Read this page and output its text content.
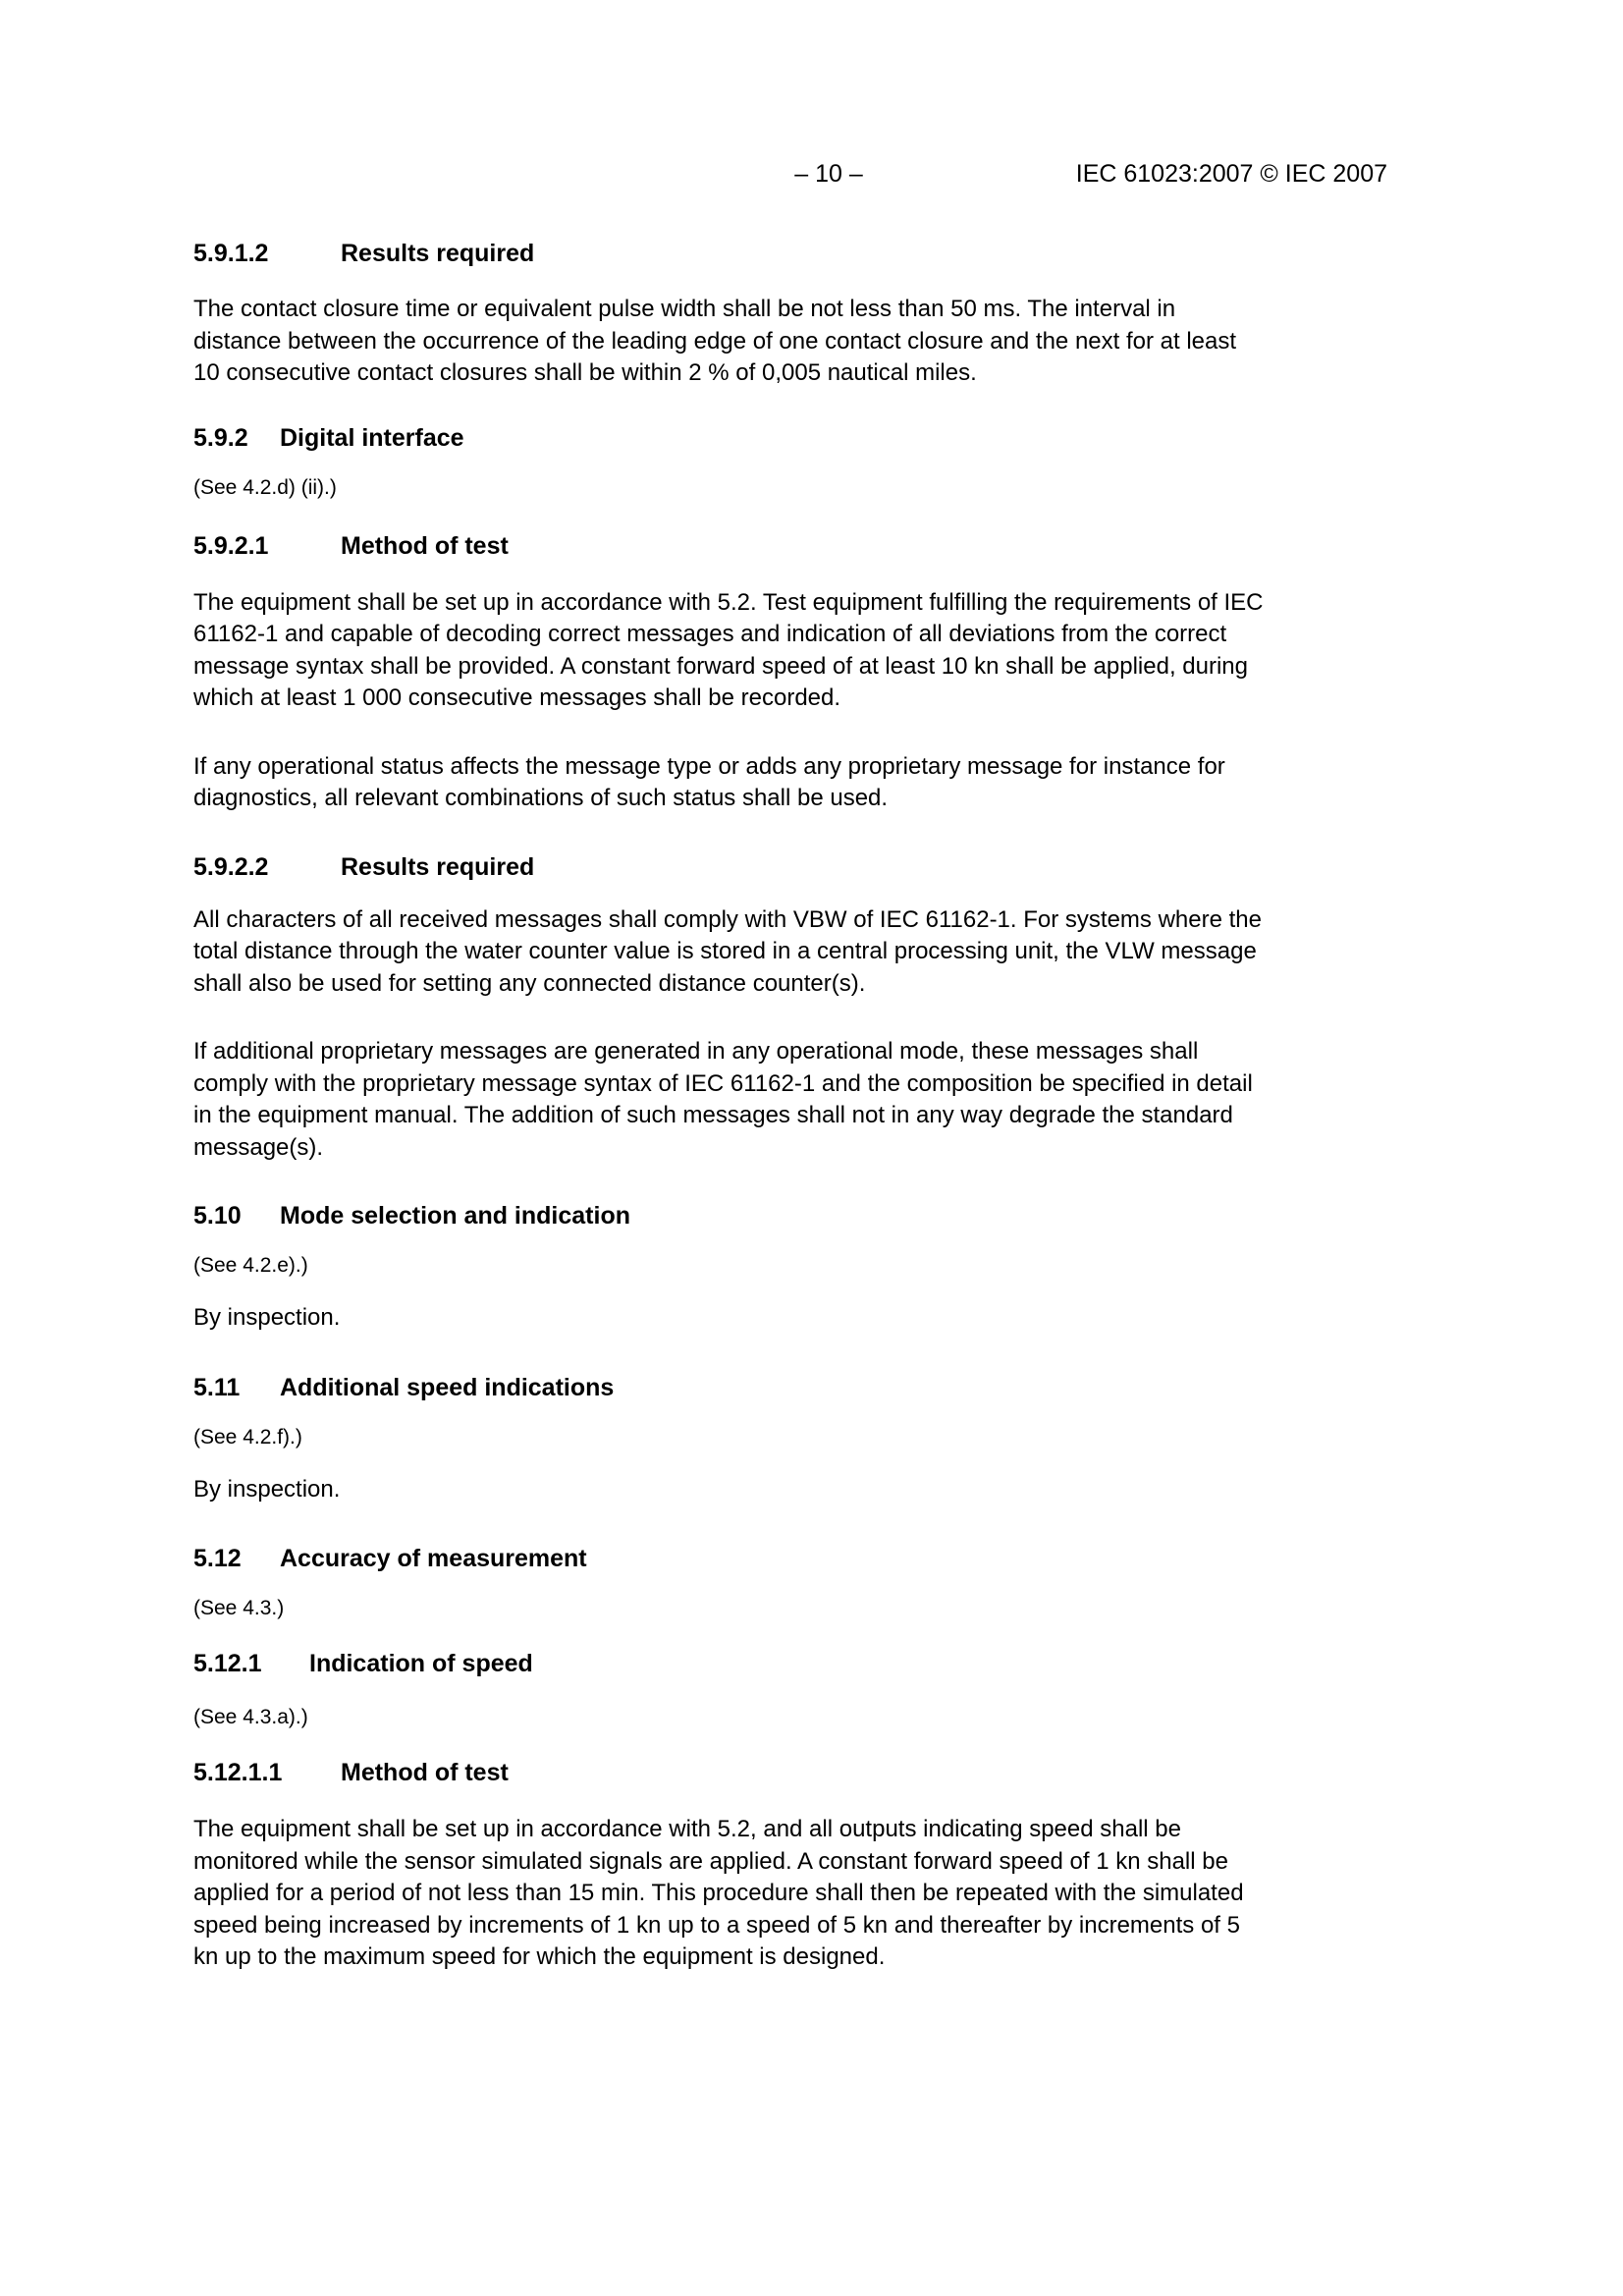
– 10 –	IEC 61023:2007 © IEC 2007
5.9.1.2	Results required

The contact closure time or equivalent pulse width shall be not less than 50 ms. The interval in distance between the occurrence of the leading edge of one contact closure and the next for at least 10 consecutive contact closures shall be within 2 % of 0,005 nautical miles.

5.9.2	Digital interface
(See 4.2.d) (ii).)
5.9.2.1	Method of test

The equipment shall be set up in accordance with 5.2. Test equipment fulfilling the requirements of IEC 61162-1 and capable of decoding correct messages and indication of all deviations from the correct message syntax shall be provided. A constant forward speed of at least 10 kn shall be applied, during which at least 1 000 consecutive messages shall be recorded.

If any operational status affects the message type or adds any proprietary message for instance for diagnostics, all relevant combinations of such status shall be used.

5.9.2.2	Results required

All characters of all received messages shall comply with VBW of IEC 61162-1. For systems where the total distance through the water counter value is stored in a central processing unit, the VLW message shall also be used for setting any connected distance counter(s).

If additional proprietary messages are generated in any operational mode, these messages shall comply with the proprietary message syntax of IEC 61162-1 and the composition be specified in detail in the equipment manual. The addition of such messages shall not in any way degrade the standard message(s).

5.10	Mode selection and indication
(See 4.2.e).)

By inspection.

5.11	Additional speed indications
(See 4.2.f).)

By inspection.

5.12	Accuracy of measurement
(See 4.3.)
5.12.1	Indication of speed
(See 4.3.a).)
5.12.1.1	Method of test

The equipment shall be set up in accordance with 5.2, and all outputs indicating speed shall be monitored while the sensor simulated signals are applied. A constant forward speed of 1 kn shall be applied for a period of not less than 15 min. This procedure shall then be repeated with the simulated speed being increased by increments of 1 kn up to a speed of 5 kn and thereafter by increments of 5 kn up to the maximum speed for which the equipment is designed.
